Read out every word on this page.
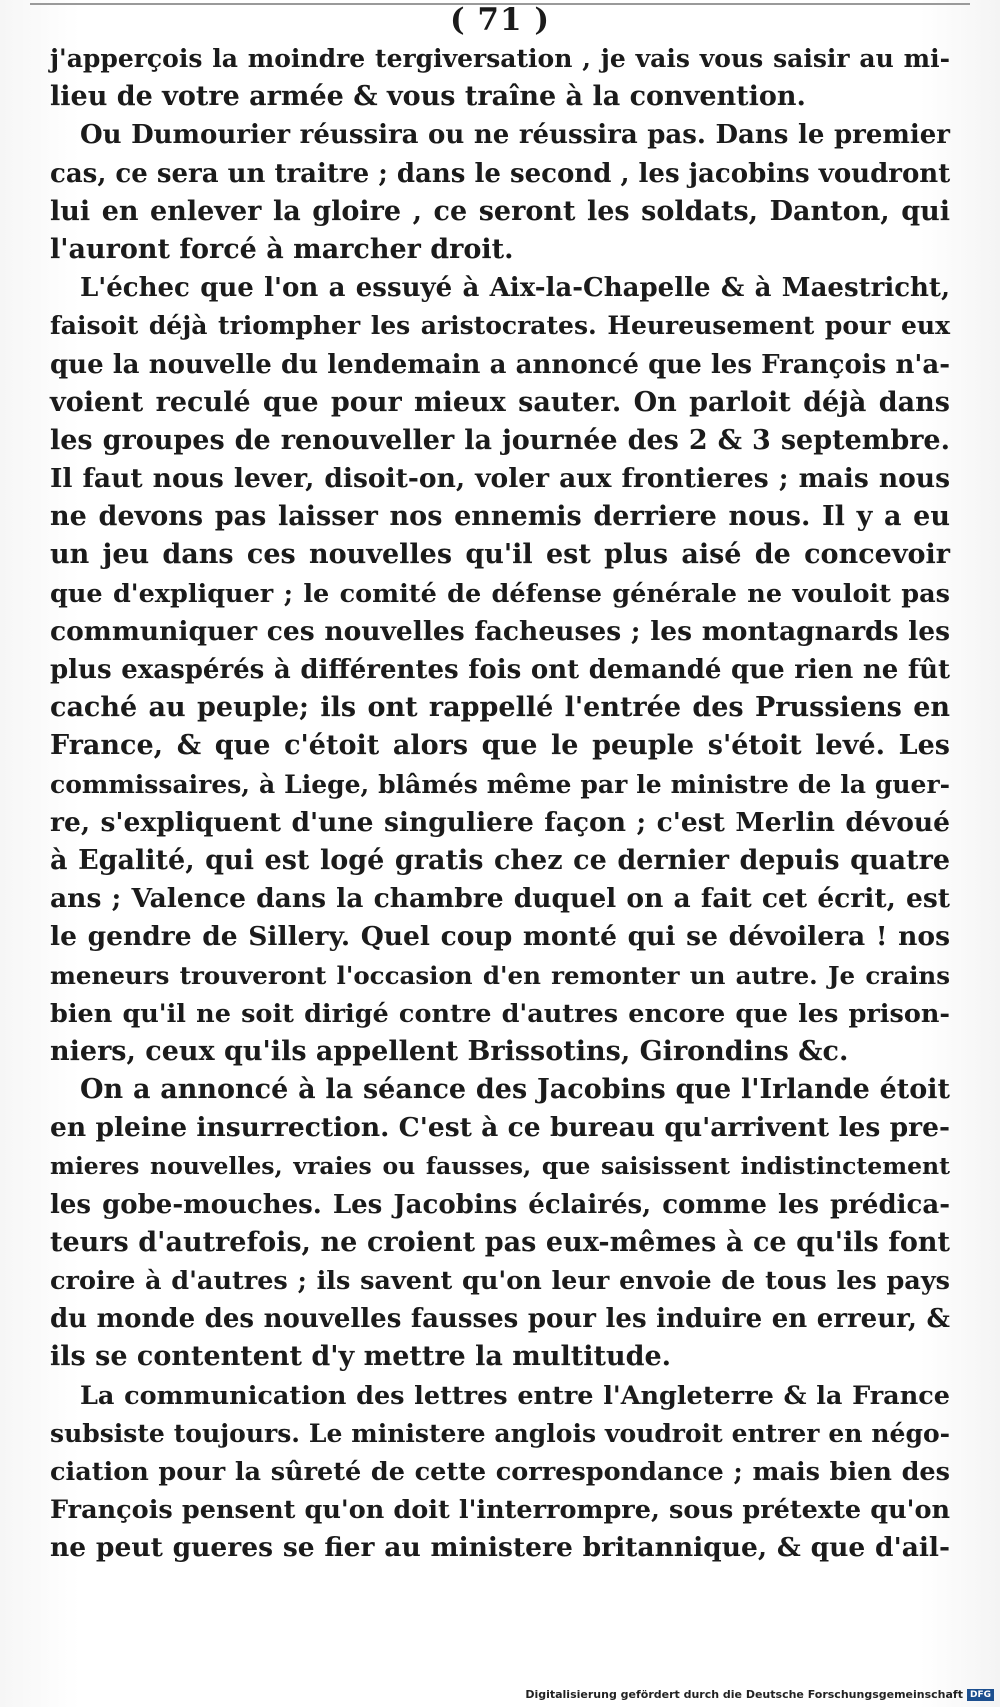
( 71 )
j'apperçois la moindre tergiversation , je vais vous saisir au mi-
lieu de votre armée & vous traîne à la convention.
Ou Dumourier réussira ou ne réussira pas. Dans le premier
cas, ce sera un traitre ; dans le second , les jacobins voudront
lui en enlever la gloire , ce seront les soldats, Danton, qui
l'auront forcé à marcher droit.
L'échec que l'on a essuyé à Aix-la-Chapelle & à Maestricht,
faisoit déjà triompher les aristocrates. Heureusement pour eux
que la nouvelle du lendemain a annoncé que les François n'a-
voient reculé que pour mieux sauter. On parloit déjà dans
les groupes de renouveller la journée des 2 & 3 septembre.
Il faut nous lever, disoit-on, voler aux frontieres ; mais nous
ne devons pas laisser nos ennemis derriere nous. Il y a eu
un jeu dans ces nouvelles qu'il est plus aisé de concevoir
que d'expliquer ; le comité de défense générale ne vouloit pas
communiquer ces nouvelles facheuses ; les montagnards les
plus exaspérés à différentes fois ont demandé que rien ne fût
caché au peuple; ils ont rappellé l'entrée des Prussiens en
France, & que c'étoit alors que le peuple s'étoit levé. Les
commissaires, à Liege, blâmés même par le ministre de la guer-
re, s'expliquent d'une singuliere façon ; c'est Merlin dévoué
à Egalité, qui est logé gratis chez ce dernier depuis quatre
ans ; Valence dans la chambre duquel on a fait cet écrit, est
le gendre de Sillery. Quel coup monté qui se dévoilera ! nos
meneurs trouveront l'occasion d'en remonter un autre. Je crains
bien qu'il ne soit dirigé contre d'autres encore que les prison-
niers, ceux qu'ils appellent Brissotins, Girondins &c.
On a annoncé à la séance des Jacobins que l'Irlande étoit
en pleine insurrection. C'est à ce bureau qu'arrivent les pre-
mieres nouvelles, vraies ou fausses, que saisissent indistinctement
les gobe-mouches. Les Jacobins éclairés, comme les prédica-
teurs d'autrefois, ne croient pas eux-mêmes à ce qu'ils font
croire à d'autres ; ils savent qu'on leur envoie de tous les pays
du monde des nouvelles fausses pour les induire en erreur, &
ils se contentent d'y mettre la multitude.
La communication des lettres entre l'Angleterre & la France
subsiste toujours. Le ministere anglois voudroit entrer en négo-
ciation pour la sûreté de cette correspondance ; mais bien des
François pensent qu'on doit l'interrompre, sous prétexte qu'on
ne peut gueres se fier au ministere britannique, & que d'ail-
Digitalisierung gefördert durch die Deutsche Forschungsgemeinschaft DFG
